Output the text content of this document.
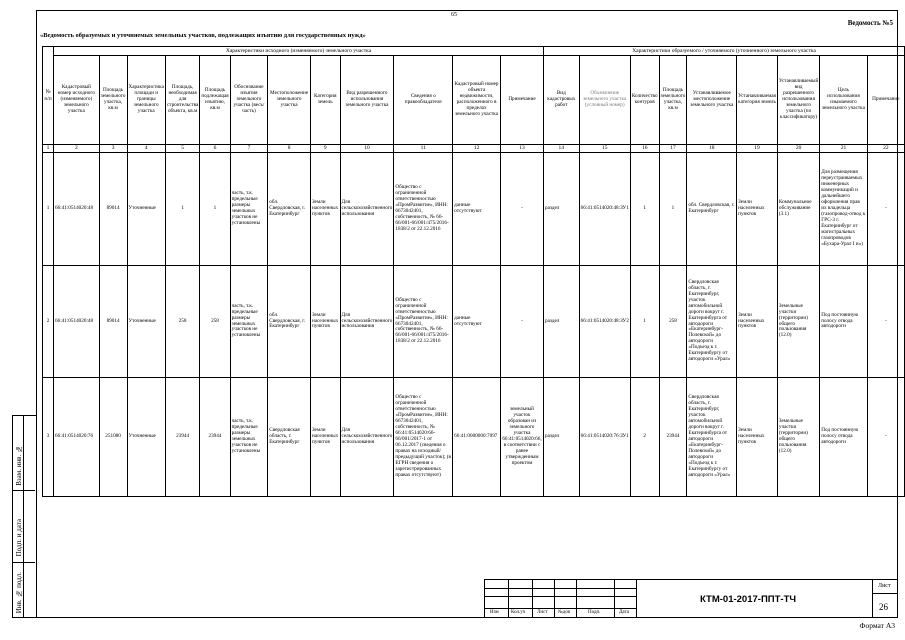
Взам. инв. №
Подп. и дата
Инв. № подл.
65
Ведомость №5
«Ведомость образуемых и уточняемых земельных участков, подлежащих изъятию для государственных нужд»
№ п/п	Характеристики исходного (изменяемого) земельного участка												Характеристики образуемого / уточняемого (уточненного) земельного участка								
	Кадастровый номер исходного (изменяемого) земельного участка	Площадь земельного участка, кв.м	Характеристика площади и границы земельного участка	Площадь, необходимая для строительства объекта, кв.м	Площадь подлежащая изъятию, кв.м	Обоснование изъятия земельного участка (весь/ часть)	Местоположение земельного участка	Категория земель	Вид разрешенного использования земельного участка	Сведения о правообладателе	Кадастровый номер объекта недвижимости, расположенного в пределах земельного участка	Примечание	Вид кадастровых работ	Обозначение земельного участка (условный номер)	Количество контуров	Площадь земельного участка, кв.м	Устанавливаемое местоположение земельного участка	Устанавливаемая категория земель	Устанавливаемый вид разрешенного использования земельного участка (по классификатору)	Цель использования изымаемого земельного участка	Примечание
1	2	3	4	5	6	7	8	9	10	11	12	13	14	15	16	17	18	19	20	21	22
1	66:41:0514020:48	89014	Уточненные	1	1	часть, т.к. предельные размеры земельных участков не установлены	обл. Свердловская, г. Екатеринбург	Земли населенных пунктов	Для сельскохозяйственного использования	Общество с ограниченной ответственностью «ПромРазвитие», ИНН: 6673042401, собственность, № 66-66/001-66/001/475/2016-1838/2 от 22.12.2016	данные отсутствуют	-	раздел	66:41:0514020:48:ЗУ1	1	1	обл. Свердловская, г. Екатеринбург	Земли населенных пунктов	Коммунальное обслуживание (3.1)	Для размещения переустраиваемых инженерных коммуникаций и дальнейшего оформления прав их владельца (газопровод-отвод к ГРС-3 г. Екатеринбург от магистральных газопроводов «Бухара-Урал I и»)	-
2	66:41:0514020:48	89014	Уточненные	258	258	часть, т.к. предельные размеры земельных участков не установлены	обл. Свердловская, г. Екатеринбург	Земли населенных пунктов	Для сельскохозяйственного использования	Общество с ограниченной ответственностью «ПромРазвитие», ИНН: 6673042401, собственность, № 66-66/001-66/001/475/2016-1838/2 от 22.12.2016	данные отсутствуют	-	раздел	66:41:0514020:48:ЗУ2	1	258	Свердловская область, г. Екатеринбург, участок автомобильной дороги вокруг г. Екатеринбурга от автодороги «Екатеринбург-Полевской» до автодороги «Подъезд к г. Екатеринбургу от автодороги «Урал»	Земли населенных пунктов	Земельные участки (территории) общего пользования (12.0)	Под постоянную полосу отвода автодороги	-
3	66:41:0514020:76	251080	Уточненные	23944	23944	часть, т.к. предельные размеры земельных участков не установлены	Свердловская область, г. Екатеринбург	Земли населенных пунктов	Для сельскохозяйственного использования	Общество с ограниченной ответственностью «ПромРазвитие», ИНН: 6673042401, собственность, № 66:41:0514020:66-66/001/2017-1 от 06.12.2017 (сведения о правах на исходный/ предыдущий участок); (в ЕГРН сведения о зарегистрированных правах отсутствуют)	66:41:0000000:7097	земельный участок образован из земельного участка 66:41:0514020:66, в соответствии с ранее утвержденным проектом	раздел	66:41:0514020:76:ЗУ1	2	23944	Свердловская область, г. Екатеринбург, участок автомобильной дороги вокруг г. Екатеринбурга от автодороги «Екатеринбург-Полевской» до автодороги «Подъезд к г. Екатеринбургу от автодороги «Урал»	Земли населенных пунктов	Земельные участки (территории) общего пользования (12.0)	Под постоянную полосу отвода автодороги	-
Изм Кол.уч Лист №док	Подп.	Дата
Лист
26
КТМ-01-2017-ППТ-ТЧ
Формат А3
